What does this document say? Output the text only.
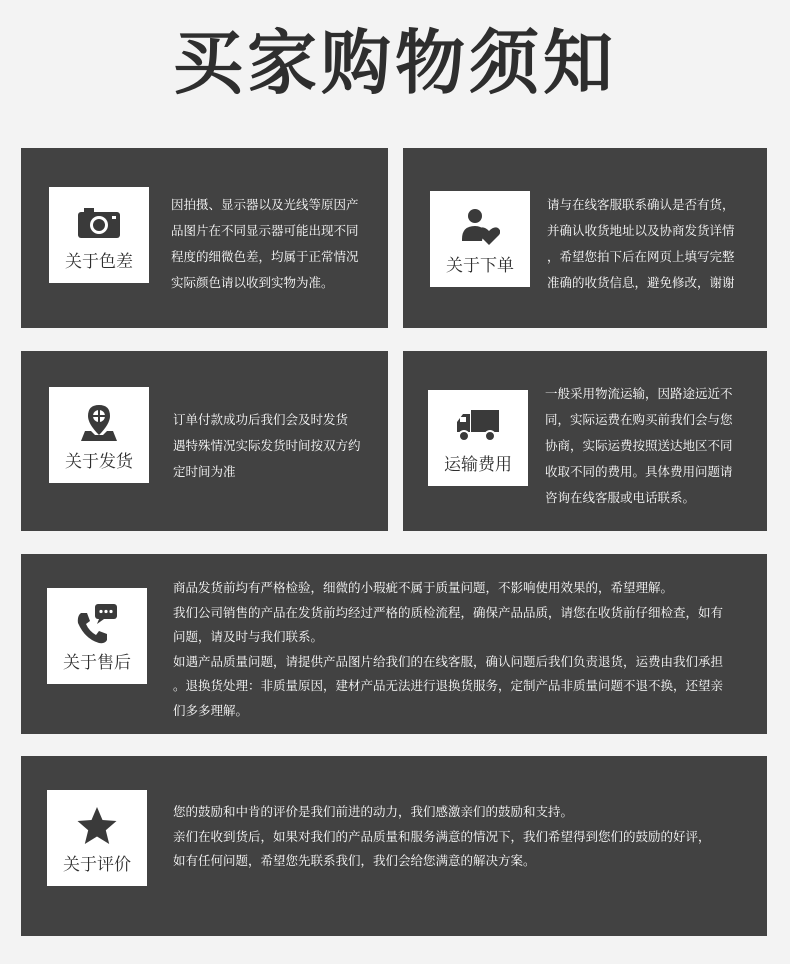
买家购物须知
关于色差

因拍摄、显示器以及光线等原因产

品图片在不同显示器可能出现不同

程度的细微色差，均属于正常情况

实际颜色请以收到实物为准。

关于下单

请与在线客服联系确认是否有货，

并确认收货地址以及协商发货详情

，希望您拍下后在网页上填写完整

准确的收货信息，避免修改，谢谢

关于发货

订单付款成功后我们会及时发货

遇特殊情况实际发货时间按双方约

定时间为准	运输费用

一般采用物流运输，因路途远近不

同，实际运费在购买前我们会与您

协商，实际运费按照送达地区不同

收取不同的费用。具体费用问题请

咨询在线客服或电话联系。

关于售后

商品发货前均有严格检验，细微的小瑕疵不属于质量问题，不影响使用效果的，希望理解。

我们公司销售的产品在发货前均经过严格的质检流程，确保产品品质，请您在收货前仔细检查，如有

问题，请及时与我们联系。

如遇产品质量问题，请提供产品图片给我们的在线客服，确认问题后我们负责退货，运费由我们承担

。退换货处理：非质量原因，建材产品无法进行退换货服务，定制产品非质量问题不退不换，还望亲

们多多理解。

关于评价

您的鼓励和中肯的评价是我们前进的动力，我们感激亲们的鼓励和支持。

亲们在收到货后，如果对我们的产品质量和服务满意的情况下，我们希望得到您们的鼓励的好评，

如有任何问题，希望您先联系我们，我们会给您满意的解决方案。
